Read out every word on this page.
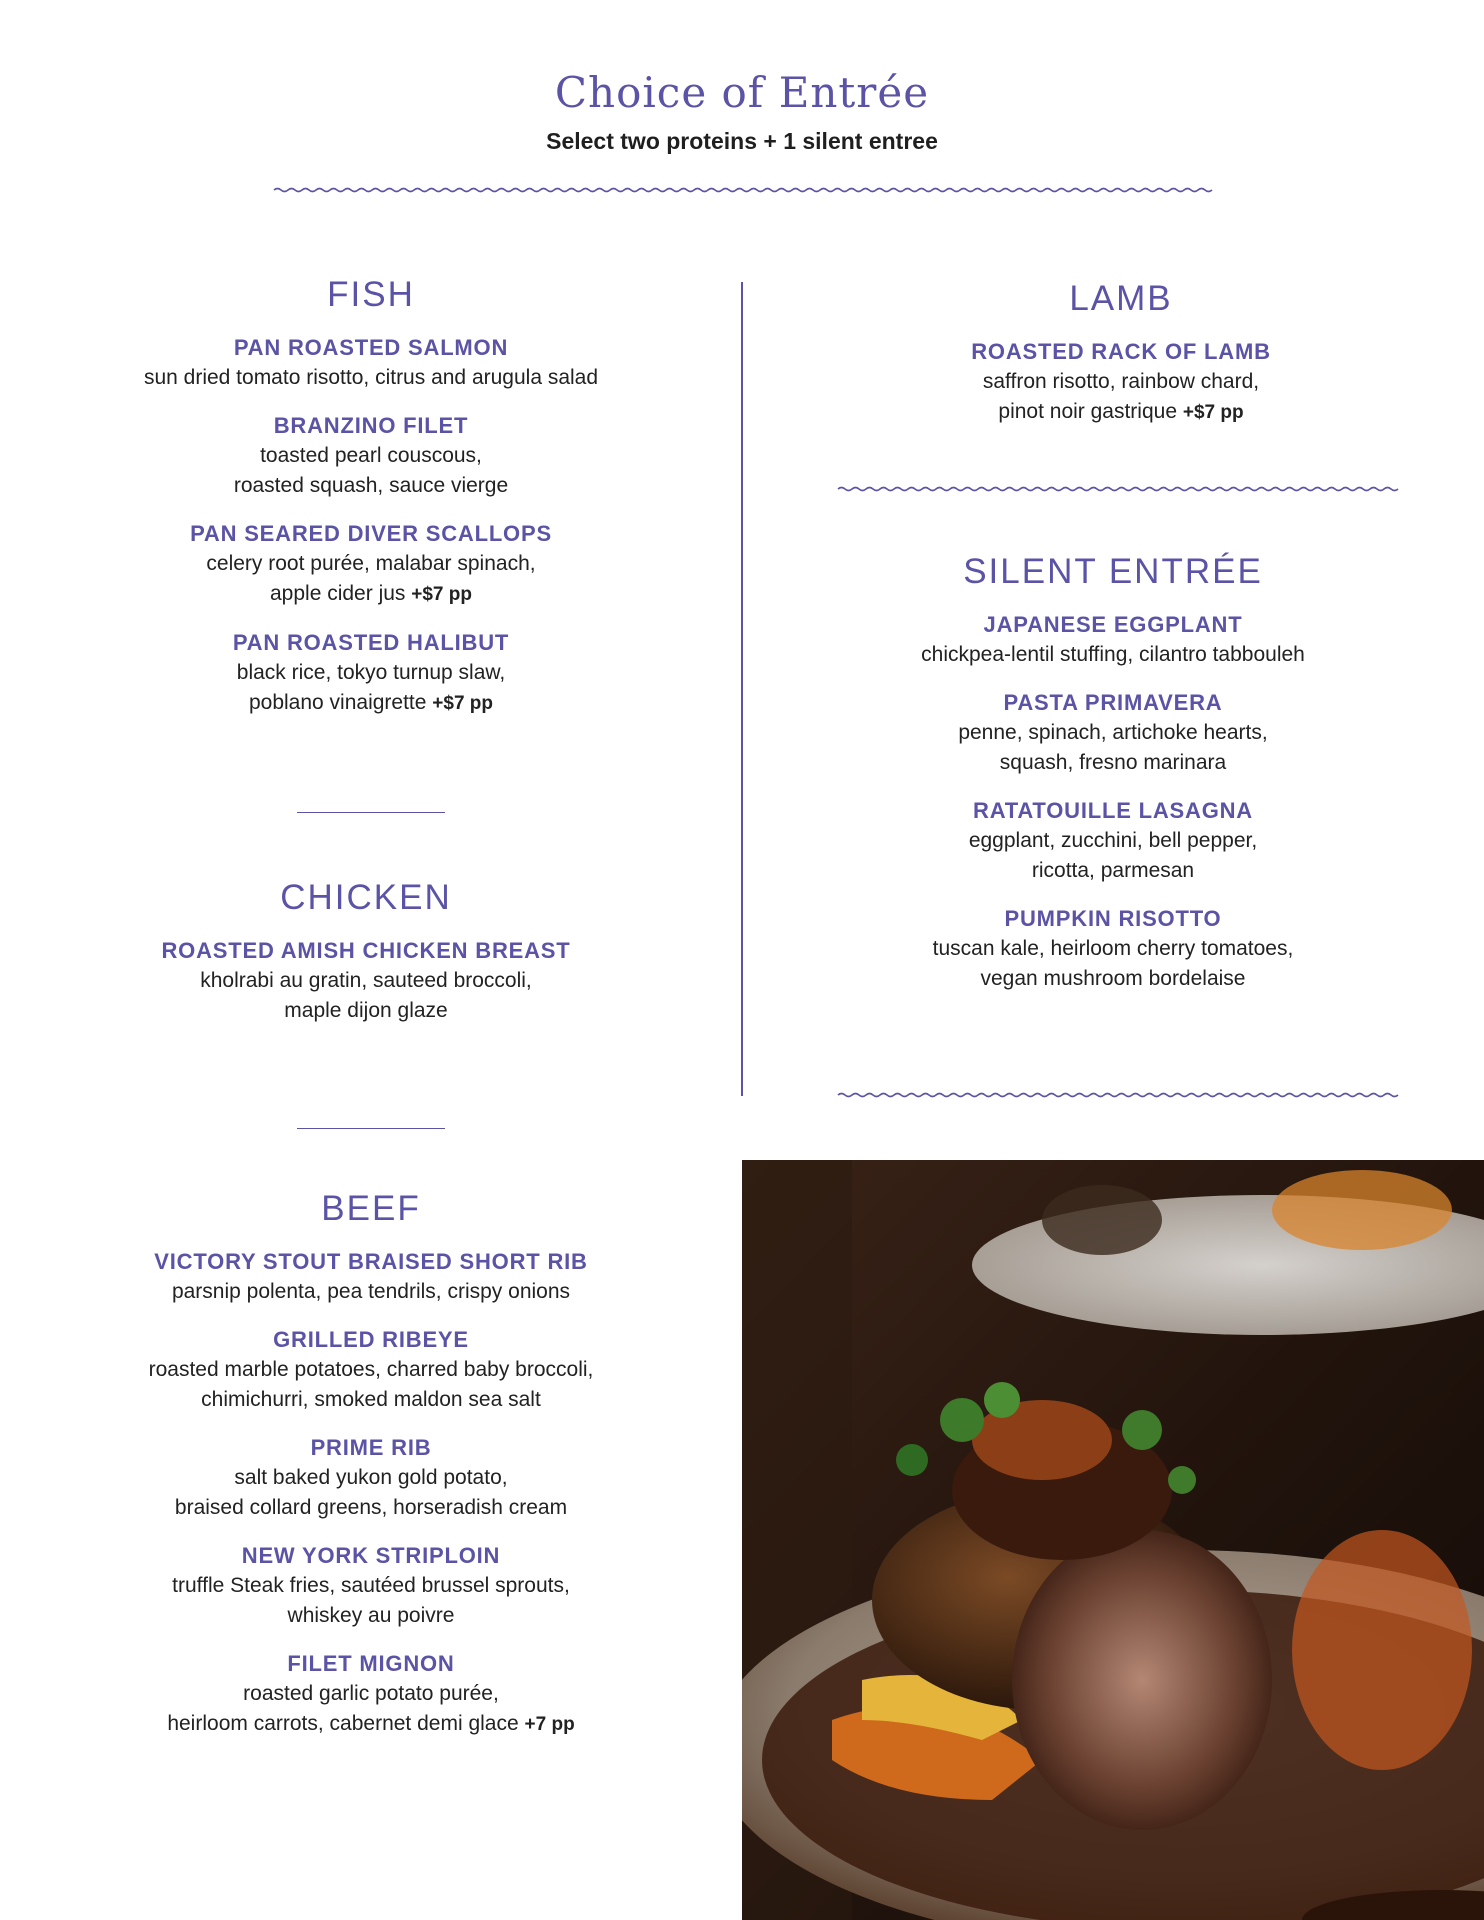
Choice of Entrée
Select two proteins + 1 silent entree
FISH
PAN ROASTED SALMON
sun dried tomato risotto, citrus and arugula salad
BRANZINO FILET
toasted pearl couscous,
roasted squash, sauce vierge
PAN SEARED DIVER SCALLOPS
celery root purée, malabar spinach,
apple cider jus +$7 pp
PAN ROASTED HALIBUT
black rice, tokyo turnup slaw,
poblano vinaigrette +$7 pp
CHICKEN
ROASTED AMISH CHICKEN BREAST
kholrabi au gratin, sauteed broccoli,
maple dijon glaze
BEEF
VICTORY STOUT BRAISED SHORT RIB
parsnip polenta, pea tendrils, crispy onions
GRILLED RIBEYE
roasted marble potatoes, charred baby broccoli,
chimichurri, smoked maldon sea salt
PRIME RIB
salt baked yukon gold potato,
braised collard greens, horseradish cream
NEW YORK STRIPLOIN
truffle Steak fries, sautéed brussel sprouts,
whiskey au poivre
FILET MIGNON
roasted garlic potato purée,
heirloom carrots, cabernet demi glace +7 pp
LAMB
ROASTED RACK OF LAMB
saffron risotto, rainbow chard,
pinot noir gastrique +$7 pp
SILENT ENTRÉE
JAPANESE EGGPLANT
chickpea-lentil stuffing, cilantro tabbouleh
PASTA PRIMAVERA
penne, spinach, artichoke hearts,
squash, fresno marinara
RATATOUILLE LASAGNA
eggplant, zucchini, bell pepper,
ricotta, parmesan
PUMPKIN RISOTTO
tuscan kale, heirloom cherry tomatoes,
vegan mushroom bordelaise
